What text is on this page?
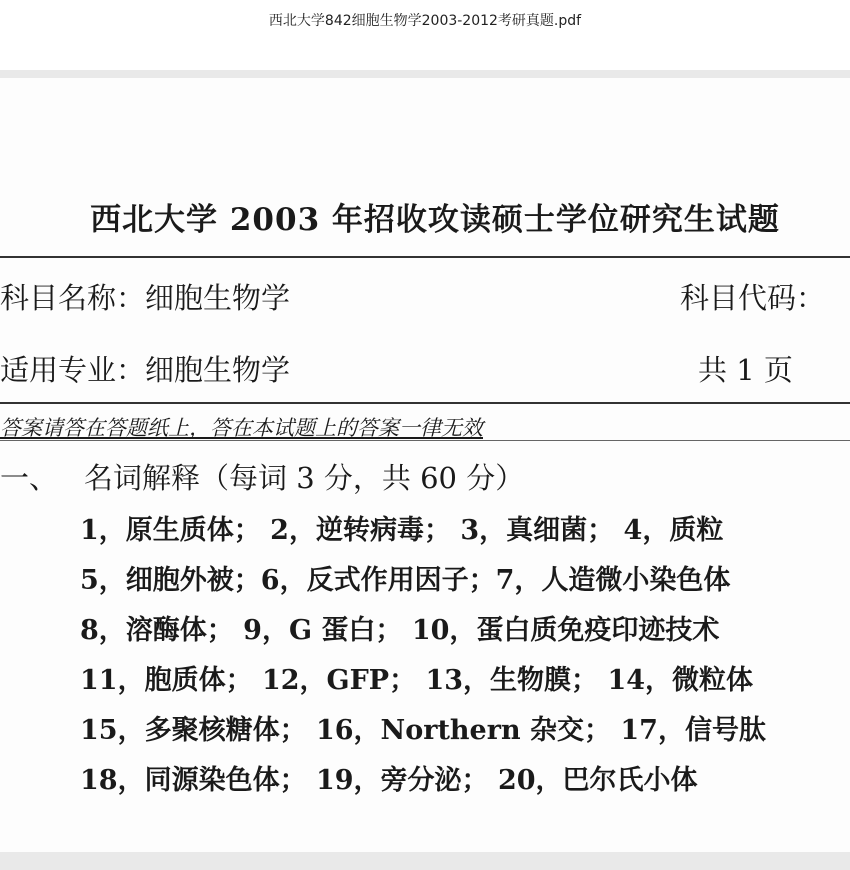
西北大学842细胞生物学2003-2012考研真题.pdf
西北大学 2003 年招收攻读硕士学位研究生试题
科目名称：细胞生物学	科目代码：
适用专业：细胞生物学	共 1 页
答案请答在答题纸上，答在本试题上的答案一律无效
一、 名词解释（每词 3 分，共 60 分）
1，原生质体； 2，逆转病毒； 3，真细菌； 4，质粒
5，细胞外被；6，反式作用因子；7，人造微小染色体
8，溶酶体； 9，G 蛋白； 10，蛋白质免疫印迹技术
11，胞质体； 12，GFP； 13，生物膜； 14，微粒体
15，多聚核糖体； 16，Northern 杂交； 17，信号肽
18，同源染色体； 19，旁分泌； 20，巴尔氏小体
